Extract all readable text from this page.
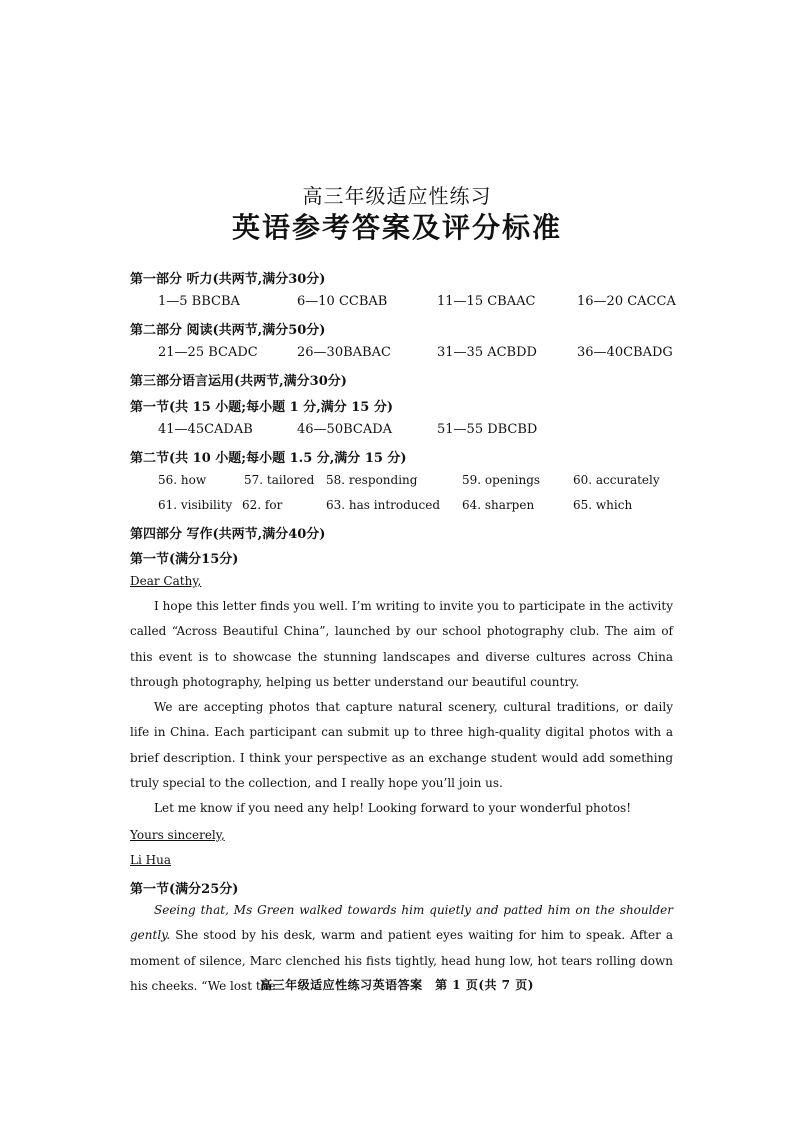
高三年级适应性练习
英语参考答案及评分标准
第一部分 听力(共两节,满分30分)
1—5 BBCBA	6—10 CCBAB	11—15 CBAAC	16—20 CACCA
第二部分 阅读(共两节,满分50分)
21—25 BCADC	26—30BABAC	31—35 ACBDD	36—40CBADG
第三部分语言运用(共两节,满分30分)
第一节(共 15 小题;每小题 1 分,满分 15 分)
41—45CADAB	46—50BCADA	51—55 DBCBD
第二节(共 10 小题;每小题 1.5 分,满分 15 分)
56. how	57. tailored 58. responding	59. openings	60. accurately
61. visibility 62. for	63. has introduced 64. sharpen	65. which
第四部分 写作(共两节,满分40分)
第一节(满分15分)
Dear Cathy,
I hope this letter finds you well. I’m writing to invite you to participate in the activity called “Across Beautiful China”, launched by our school photography club. The aim of this event is to showcase the stunning landscapes and diverse cultures across China through photography, helping us better understand our beautiful country.
We are accepting photos that capture natural scenery, cultural traditions, or daily life in China. Each participant can submit up to three high-quality digital photos with a brief description. I think your perspective as an exchange student would add something truly special to the collection, and I really hope you’ll join us.
Let me know if you need any help! Looking forward to your wonderful photos!
Yours sincerely,
Li Hua
第一节(满分25分)
Seeing that, Ms Green walked towards him quietly and patted him on the shoulder gently. She stood by his desk, warm and patient eyes waiting for him to speak. After a moment of silence, Marc clenched his fists tightly, head hung low, hot tears rolling down his cheeks. “We lost the
高三年级适应性练习英语答案　第 1 页(共 7 页)
